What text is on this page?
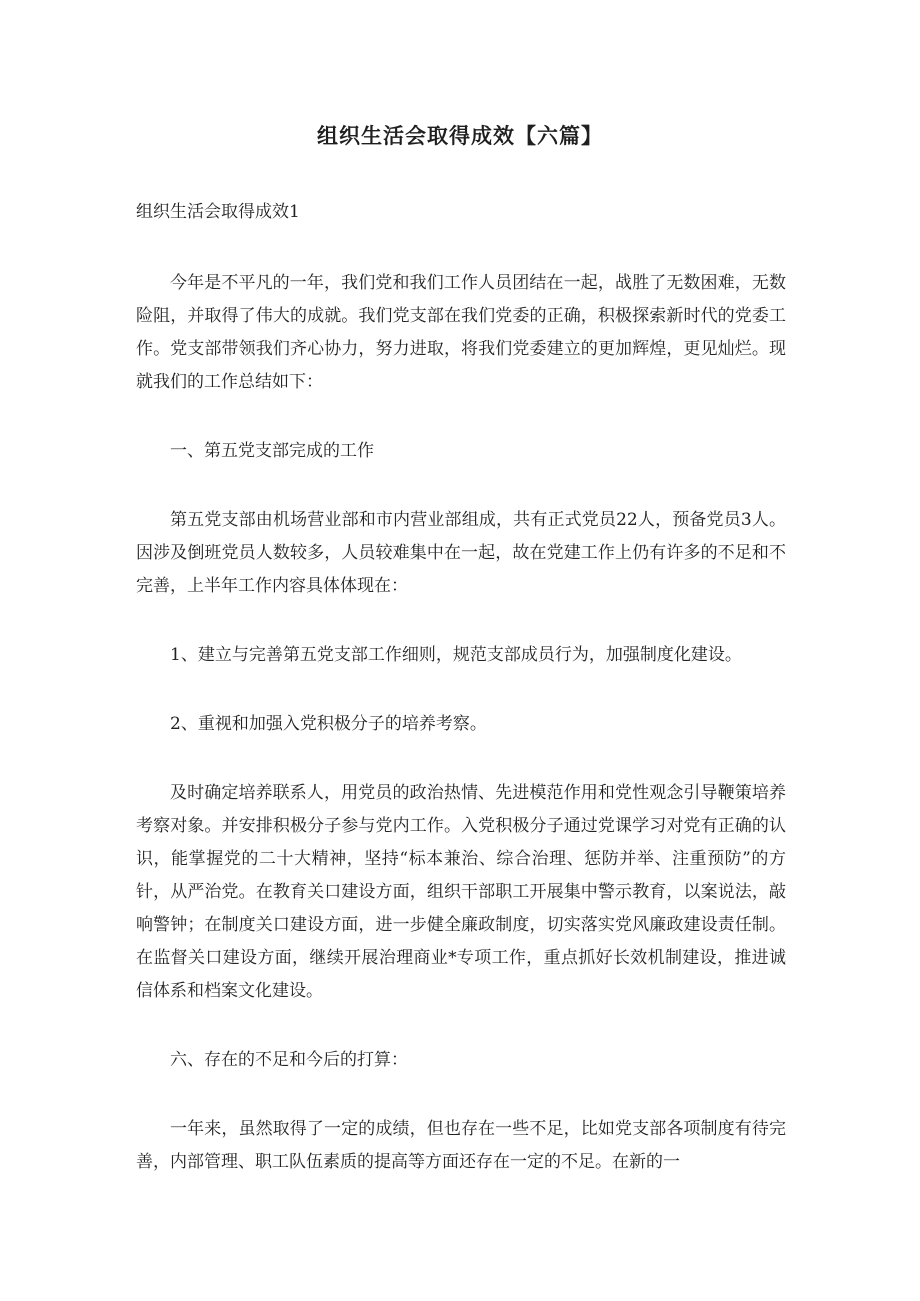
组织生活会取得成效【六篇】

组织生活会取得成效1

今年是不平凡的一年，我们党和我们工作人员团结在一起，战胜了无数困难，无数险阻，并取得了伟大的成就。我们党支部在我们党委的正确，积极探索新时代的党委工作。党支部带领我们齐心协力，努力进取，将我们党委建立的更加辉煌，更见灿烂。现就我们的工作总结如下：

一、第五党支部完成的工作

第五党支部由机场营业部和市内营业部组成，共有正式党员22人，预备党员3人。因涉及倒班党员人数较多，人员较难集中在一起，故在党建工作上仍有许多的不足和不完善，上半年工作内容具体体现在：

1、建立与完善第五党支部工作细则，规范支部成员行为，加强制度化建设。

2、重视和加强入党积极分子的培养考察。

及时确定培养联系人，用党员的政治热情、先进模范作用和党性观念引导鞭策培养考察对象。并安排积极分子参与党内工作。入党积极分子通过党课学习对党有正确的认识，能掌握党的二十大精神，坚持“标本兼治、综合治理、惩防并举、注重预防”的方针，从严治党。在教育关口建设方面，组织干部职工开展集中警示教育，以案说法，敲响警钟；在制度关口建设方面，进一步健全廉政制度，切实落实党风廉政建设责任制。在监督关口建设方面，继续开展治理商业*专项工作，重点抓好长效机制建设，推进诚信体系和档案文化建设。

六、存在的不足和今后的打算：

一年来，虽然取得了一定的成绩，但也存在一些不足，比如党支部各项制度有待完善，内部管理、职工队伍素质的提高等方面还存在一定的不足。在新的一
